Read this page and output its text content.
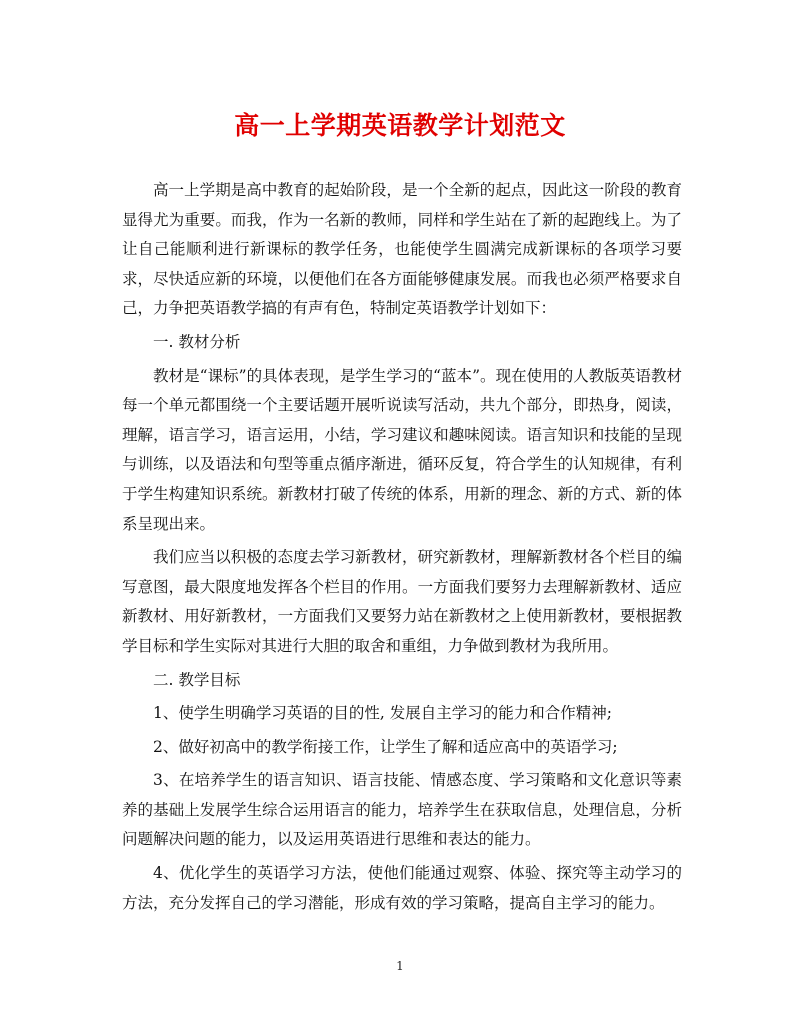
高一上学期英语教学计划范文

高一上学期是高中教育的起始阶段，是一个全新的起点，因此这一阶段的教育显得尤为重要。而我，作为一名新的教师，同样和学生站在了新的起跑线上。为了让自己能顺利进行新课标的教学任务，也能使学生圆满完成新课标的各项学习要求，尽快适应新的环境，以便他们在各方面能够健康发展。而我也必须严格要求自己，力争把英语教学搞的有声有色，特制定英语教学计划如下：

一. 教材分析

教材是“课标”的具体表现，是学生学习的“蓝本”。现在使用的人教版英语教材每一个单元都围绕一个主要话题开展听说读写活动，共九个部分，即热身，阅读，理解，语言学习，语言运用，小结，学习建议和趣味阅读。语言知识和技能的呈现与训练，以及语法和句型等重点循序渐进，循环反复，符合学生的认知规律，有利于学生构建知识系统。新教材打破了传统的体系，用新的理念、新的方式、新的体系呈现出来。

我们应当以积极的态度去学习新教材，研究新教材，理解新教材各个栏目的编写意图，最大限度地发挥各个栏目的作用。一方面我们要努力去理解新教材、适应新教材、用好新教材，一方面我们又要努力站在新教材之上使用新教材，要根据教学目标和学生实际对其进行大胆的取舍和重组，力争做到教材为我所用。

二. 教学目标

1、使学生明确学习英语的目的性, 发展自主学习的能力和合作精神;

2、做好初高中的教学衔接工作，让学生了解和适应高中的英语学习;

3、在培养学生的语言知识、语言技能、情感态度、学习策略和文化意识等素养的基础上发展学生综合运用语言的能力，培养学生在获取信息，处理信息，分析问题解决问题的能力，以及运用英语进行思维和表达的能力。

4、优化学生的英语学习方法，使他们能通过观察、体验、探究等主动学习的方法，充分发挥自己的学习潜能，形成有效的学习策略，提高自主学习的能力。

1
